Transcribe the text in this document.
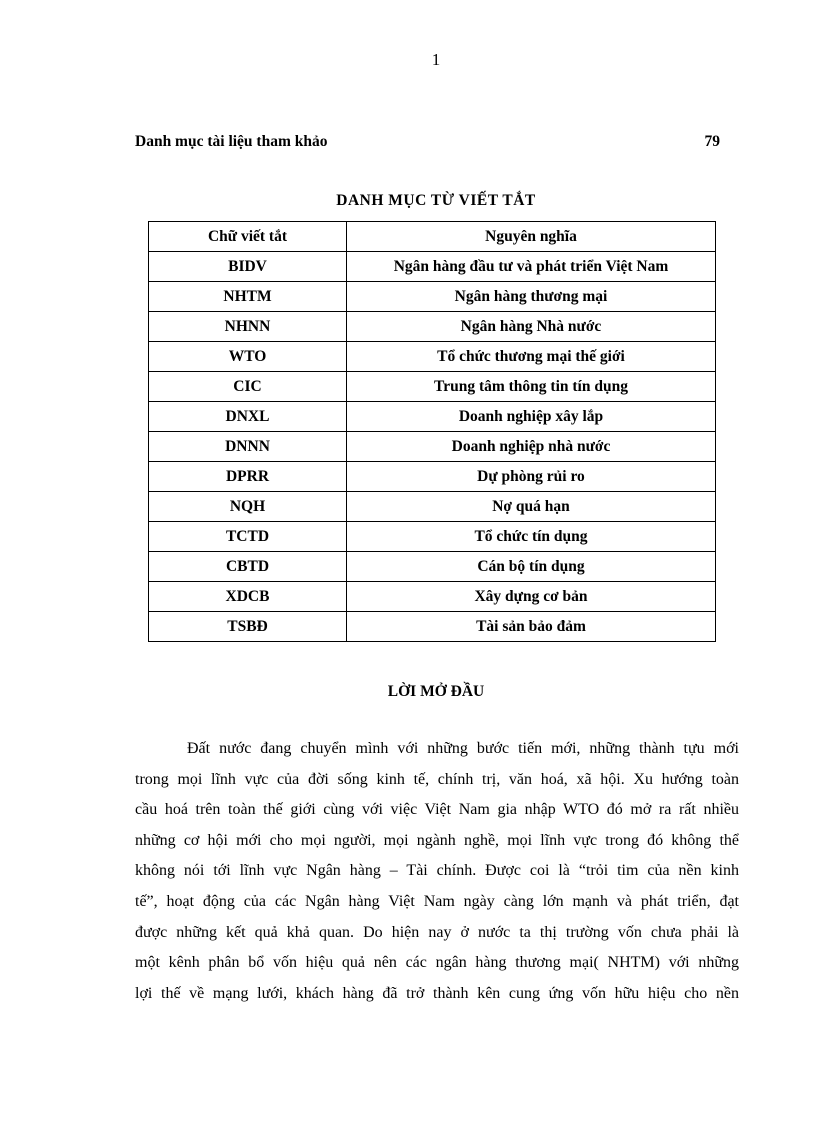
1
Danh mục tài liệu tham khảo	79
DANH MỤC TỪ VIẾT TẮT
Chữ viết tắt	Nguyên nghĩa
BIDV	Ngân hàng đầu tư và phát triển Việt Nam
NHTM	Ngân hàng thương mại
NHNN	Ngân hàng Nhà nước
WTO	Tổ chức thương mại thế giới
CIC	Trung tâm thông tin tín dụng
DNXL	Doanh nghiệp xây lắp
DNNN	Doanh nghiệp nhà nước
DPRR	Dự phòng rủi ro
NQH	Nợ quá hạn
TCTD	Tổ chức tín dụng
CBTD	Cán bộ tín dụng
XDCB	Xây dựng cơ bản
TSBĐ	Tài sản bảo đảm
LỜI MỞ ĐẦU
Đất nước đang chuyển mình với những bước tiến mới, những thành tựu mới
trong mọi lĩnh vực của đời sống kinh tế, chính trị, văn hoá, xã hội. Xu hướng toàn
cầu hoá trên toàn thế giới cùng với việc Việt Nam gia nhập WTO đó mở ra rất nhiều
những cơ hội mới cho mọi người, mọi ngành nghề, mọi lĩnh vực trong đó không thể
không nói tới lĩnh vực Ngân hàng – Tài chính. Được coi là “trỏi tim của nền kinh
tế”, hoạt động của các Ngân hàng Việt Nam ngày càng lớn mạnh và phát triển, đạt
được những kết quả khả quan. Do hiện nay ở nước ta thị trường vốn chưa phải là
một kênh phân bổ vốn hiệu quả nên các ngân hàng thương mại( NHTM) với những
lợi thế về mạng lưới, khách hàng đã trở thành kên cung ứng vốn hữu hiệu cho nền
